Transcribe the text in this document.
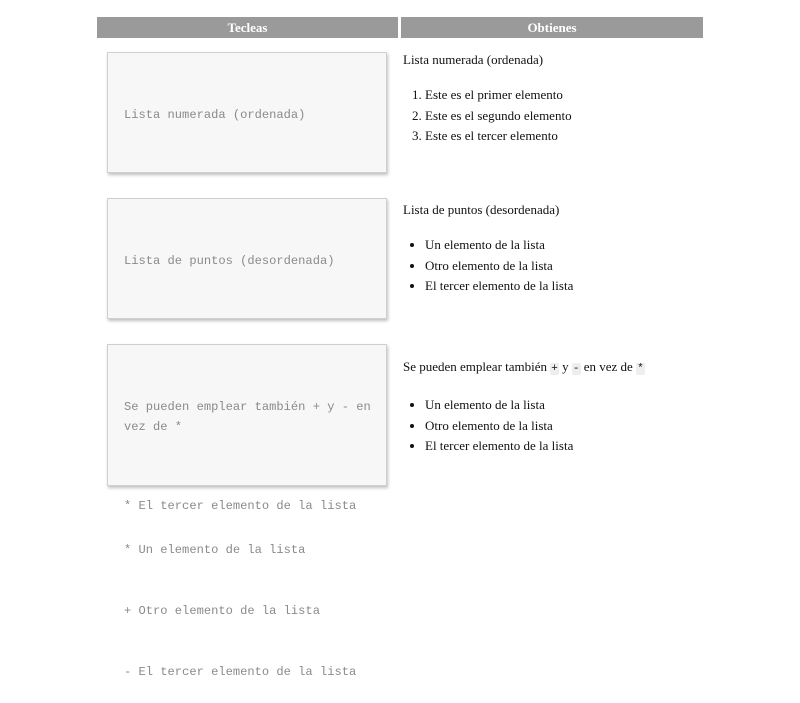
Tecleas	Obtienes

Lista numerada (ordenada)

Lista numerada (ordenada)

1. Este es el primer elemento
2. Este es el segundo elemento
3. Este es el tercer elemento

Lista de puntos (desordenada)

* El tercer elemento de la lista

Lista de puntos (desordenada)

• Un elemento de la lista
• Otro elemento de la lista
• El tercer elemento de la lista

Se pueden emplear también + y - en vez de *

* Un elemento de la lista

+ Otro elemento de la lista

- El tercer elemento de la lista

Se pueden emplear también + y - en vez de *

• Un elemento de la lista
• Otro elemento de la lista
• El tercer elemento de la lista
